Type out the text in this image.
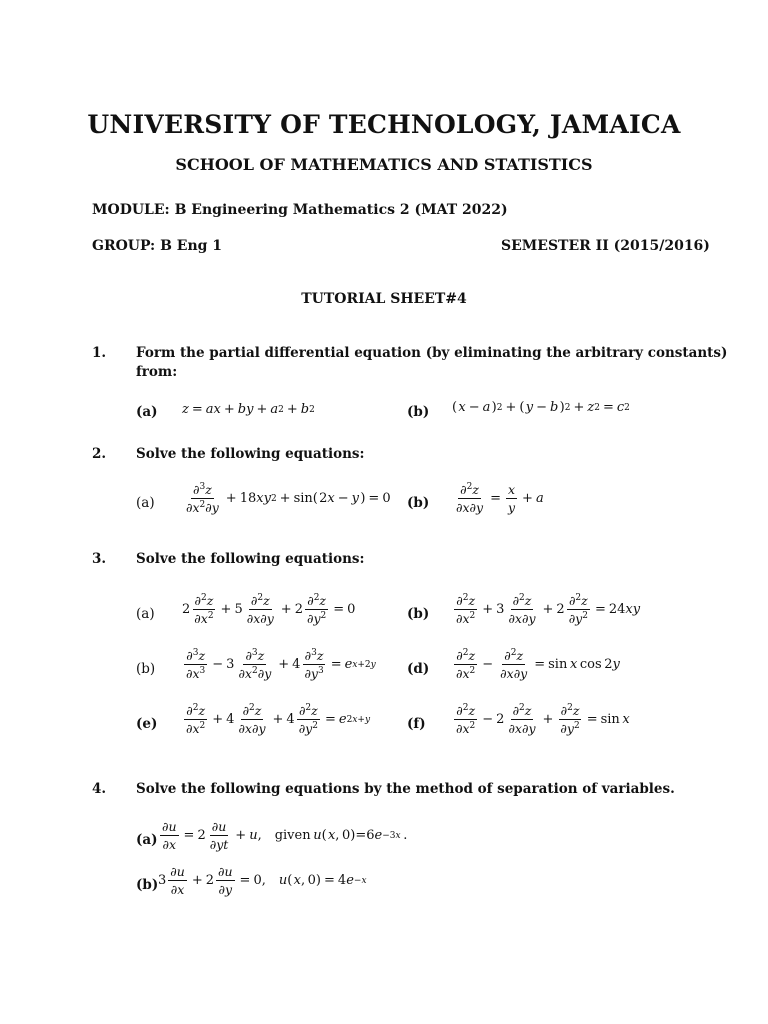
UNIVERSITY OF TECHNOLOGY, JAMAICA
SCHOOL OF MATHEMATICS AND STATISTICS
MODULE: B Engineering Mathematics 2 (MAT 2022)
GROUP: B Eng 1	SEMESTER II (2015/2016)
TUTORIAL SHEET#4
1. Form the partial differential equation (by eliminating the arbitrary constants)
from:
(a) z = ax + by + a 2 + b 2	(b) (  x − a  ) 2 + (  y − b  ) 2 + z 2 = c 2
2. Solve the following equations:
$(a) \frac{\partial^3z}{\partial x^2\partial y} + 18$ xy 2 + sin( 2 x − y  ) = 0 $(b) \frac{\partial^2z}{\partial x\partial y} = \frac{x}{y} + a$
3. Solve the following equations:
(a) $2 \frac{\partial^2z}{\partial x^2} + 5 \frac{\partial^2z}{\partial x\partial y} + 2 \frac{\partial^2z}{\partial y^2} = 0$	$(b) \frac{\partial^2z}{\partial x^2} + 3 \frac{\partial^2z}{\partial x\partial y} + 2 \frac{\partial^2z}{\partial y^2} = 24$ xy
$(b) \frac{\partial^3z}{\partial x^3} - 3 \frac{\partial^3z}{\partial x^2\partial y} + 4 \frac{\partial^3z}{\partial y^3} = e$ x+2y $(d) \frac{\partial^2z}{\partial x^2} - \frac{\partial^2z}{\partial x\partial y} = \sin x$  cos 2 y
$(e) \frac{\partial^2z}{\partial x^2} + 4 \frac{\partial^2z}{\partial x\partial y} + 4 \frac{\partial^2z}{\partial y^2} = e$ 2x+y	$(f) \frac{\partial^2z}{\partial x^2} - 2 \frac{\partial^2z}{\partial x\partial y} + \frac{\partial^2z}{\partial y^2} = \sin x$
4. Solve the following equations by the method of separation of variables.
$(a) \frac{\partial u}{\partial x} = 2 \frac{\partial u}{\partial yt} + u$ , given  u (  x , 0)=6 e −3x  .
(b) $3 \frac{\partial u}{\partial x} + 2 \frac{\partial u}{\partial y} = 0$,  u (  x , 0) = 4 e −x
